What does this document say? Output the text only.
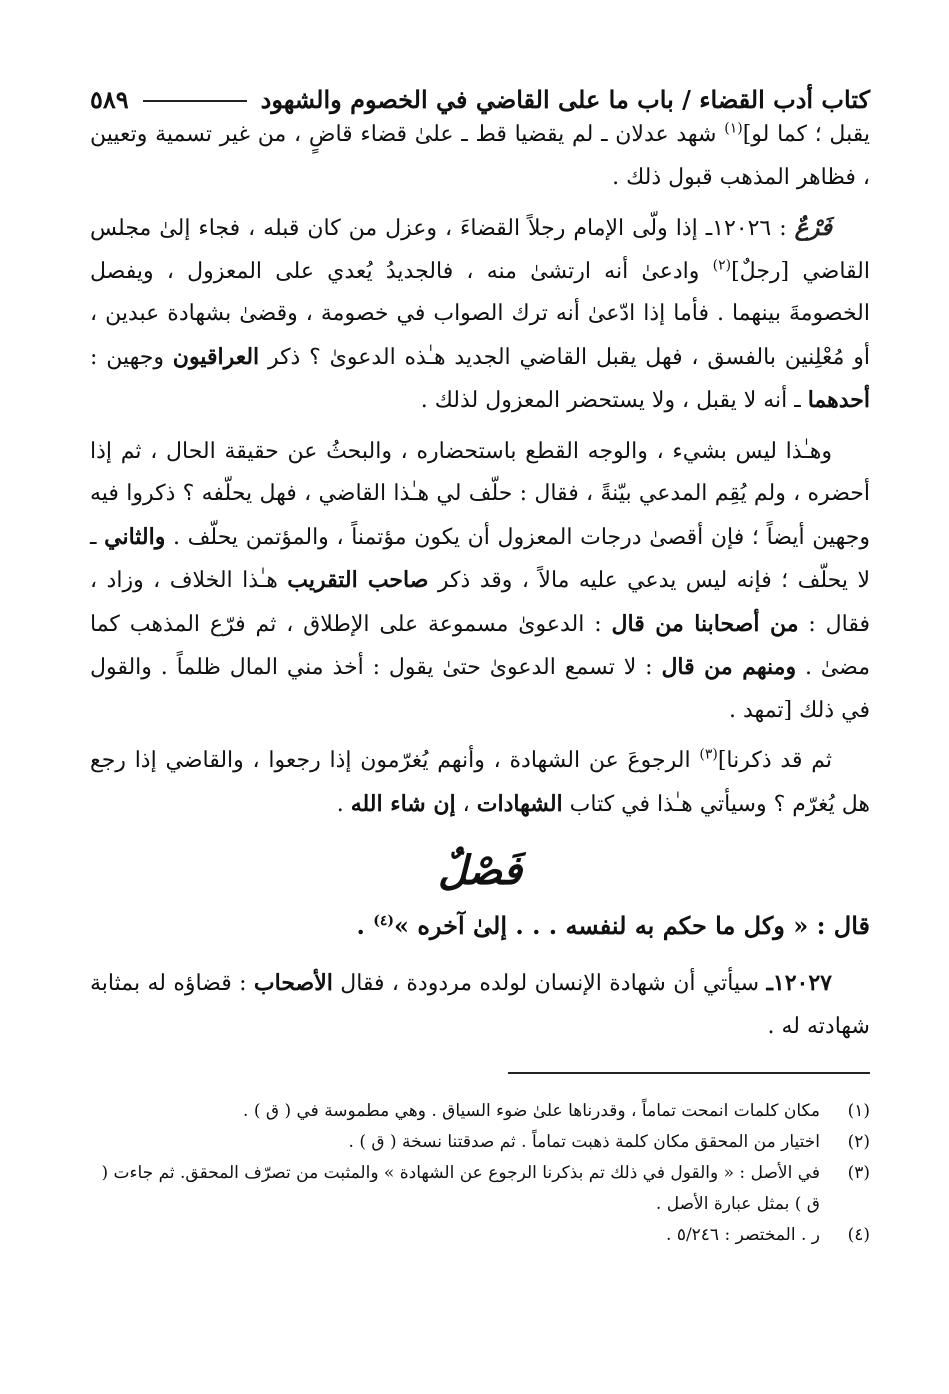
كتاب أدب القضاء / باب ما على القاضي في الخصوم والشهود
٥٨٩

يقبل ؛ كما لو]$^{(١)}$ شهد عدلان ـ لم يقضيا قط ـ علىٰ قضاء قاضٍ ، من غير تسمية وتعيين ، فظاهر المذهب قبول ذلك .

فَرْعٌ : ١٢٠٢٦ـ إذا ولّى الإمام رجلاً القضاءَ ، وعزل من كان قبله ، فجاء إلىٰ مجلس القاضي [رجلٌ]$^{(٢)}$ وادعىٰ أنه ارتشىٰ منه ، فالجديدُ يُعدي على المعزول ، ويفصل الخصومةَ بينهما . فأما إذا ادّعىٰ أنه ترك الصواب في خصومة ، وقضىٰ بشهادة عبدين ، أو مُعْلِنين بالفسق ، فهل يقبل القاضي الجديد هـٰذه الدعوىٰ ؟ ذكر العراقيون وجهين : أحدهما ـ أنه لا يقبل ، ولا يستحضر المعزول لذلك .

وهـٰذا ليس بشيء ، والوجه القطع باستحضاره ، والبحثُ عن حقيقة الحال ، ثم إذا أحضره ، ولم يُقِم المدعي بيّنةً ، فقال : حلّف لي هـٰذا القاضي ، فهل يحلّفه ؟ ذكروا فيه وجهين أيضاً ؛ فإن أقصىٰ درجات المعزول أن يكون مؤتمناً ، والمؤتمن يحلّف . والثاني ـ لا يحلّف ؛ فإنه ليس يدعي عليه مالاً ، وقد ذكر صاحب التقريب هـٰذا الخلاف ، وزاد ، فقال : من أصحابنا من قال : الدعوىٰ مسموعة على الإطلاق ، ثم فرّع المذهب كما مضىٰ . ومنهم من قال : لا تسمع الدعوىٰ حتىٰ يقول : أخذ مني المال ظلماً . والقول في ذلك [تمهد .

ثم قد ذكرنا]$^{(٣)}$ الرجوعَ عن الشهادة ، وأنهم يُغرّمون إذا رجعوا ، والقاضي إذا رجع هل يُغرّم ؟ وسيأتي هـٰذا في كتاب الشهادات ، إن شاء الله .

فَصْلٌ

قال : « وكل ما حكم به لنفسه . . . إلىٰ آخره »$^{(٤)}$ .

١٢٠٢٧ـ سيأتي أن شهادة الإنسان لولده مردودة ، فقال الأصحاب : قضاؤه له بمثابة شهادته له .

(١)
مكان كلمات انمحت تماماً ، وقدرناها علىٰ ضوء السياق . وهي مطموسة في ( ق ) .

(٢)
اختيار من المحقق مكان كلمة ذهبت تماماً . ثم صدقتنا نسخة ( ق ) .

(٣)
في الأصل : « والقول في ذلك تم بذكرنا الرجوع عن الشهادة » والمثبت من تصرّف المحقق. ثم جاءت ( ق ) بمثل عبارة الأصل .

(٤)
ر . المختصر : ٥/٢٤٦ .
